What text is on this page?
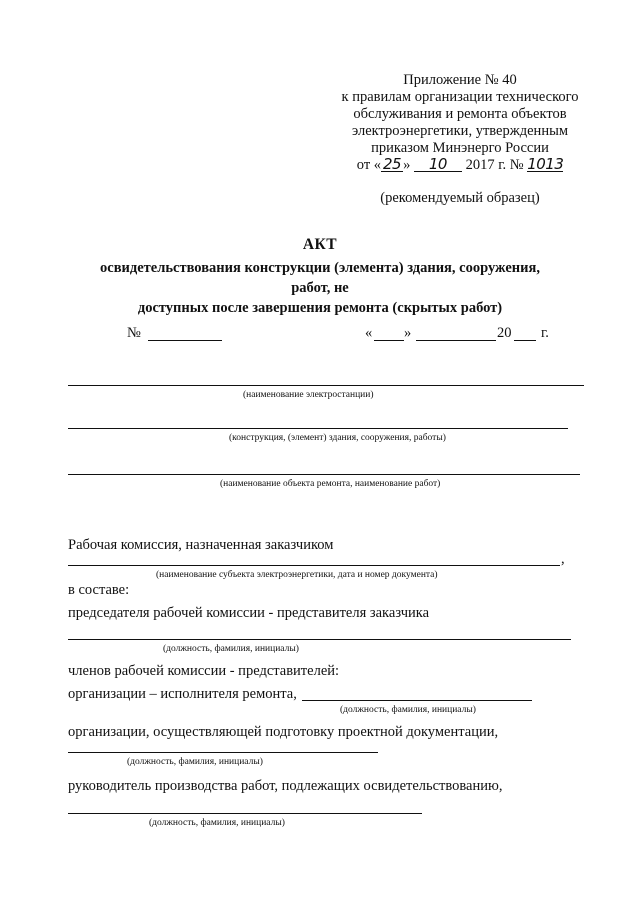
Приложение № 40
к правилам организации технического
обслуживания и ремонта объектов
электроэнергетики, утвержденным
приказом Минэнерго России
от « 25 » 10 2017 г. № 1013
(рекомендуемый образец)
АКТ
освидетельствования конструкции (элемента) здания, сооружения, работ, не
доступных после завершения ремонта (скрытых работ)
№	« »	20 г.
(наименование электростанции)
(конструкция, (элемент) здания, сооружения, работы)
(наименование объекта ремонта, наименование работ)
Рабочая комиссия, назначенная заказчиком
,
(наименование субъекта электроэнергетики, дата и номер документа)
в составе:
председателя рабочей комиссии - представителя заказчика
(должность, фамилия, инициалы)
членов рабочей комиссии - представителей:
организации – исполнителя ремонта,
(должность, фамилия, инициалы)
организации, осуществляющей подготовку проектной документации,
(должность, фамилия, инициалы)
руководитель производства работ, подлежащих освидетельствованию,
(должность, фамилия, инициалы)
